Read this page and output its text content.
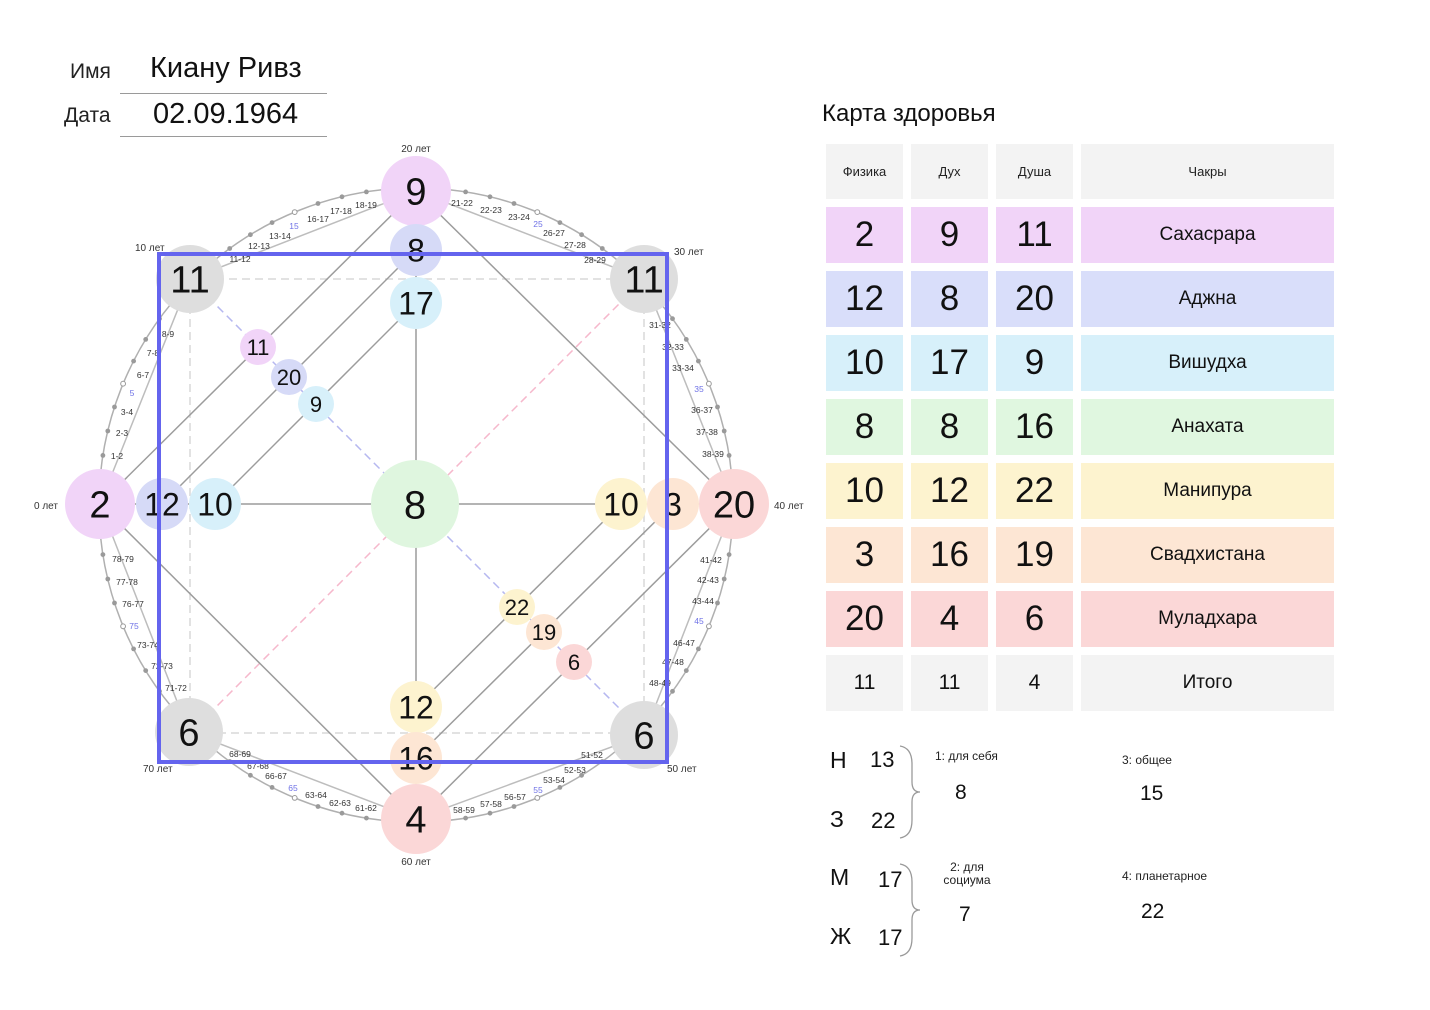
Имя Киану Ривз
Дата 02.09.1964
9
8
17
11	11
11
20
9
2 12 10	8	10 3 20
22
19
6
6	6
12
16
4
1-2
2-3
3-4
5
6-7
7-8
8-9
11-12
12-13
13-14
15
16-17
17-18
18-19	21-22
22-23
23-24
25
26-27
27-28
28-29
31-32
32-33
33-34
35
36-37
37-38
38-39
41-42
42-43
43-44
45
46-47
47-48
48-49
51-52
52-53
53-54
55
56-57
57-58
58-59
61-62
62-63
63-64
65
66-67
67-68
68-69
71-72
72-73
73-74
75
76-77
77-78
78-79
20 лет
30 лет
40 лет
50 лет
60 лет
70 лет
0 лет
10 лет
Карта здоровья
Физика	Дух	Душа	Чакры
2	9	11	Сахасрара
12	8	20	Аджна
10	17	9	Вишудха
8	8	16	Анахата
10	12	22	Манипура
3	16	19	Свадхистана
20	4	6	Муладхара
11	11	4	Итого
Н 13
З 22
1: для себя
8
3: общее
15
М 17
Ж 17
2: для
социума
7
4: планетарное
22
